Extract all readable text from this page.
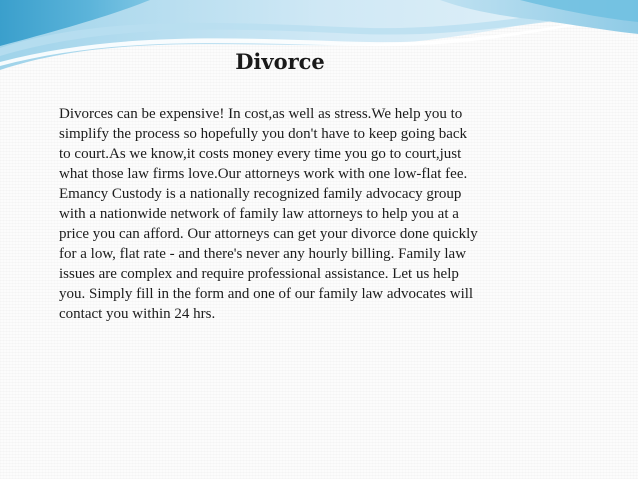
Divorce

Divorces can be expensive! In cost,as well as stress.We help you to
simplify the process so hopefully you don't have to keep going back
to court.As we know,it costs money every time you go to court,just
what those law firms love.Our attorneys work with one low-flat fee.
Emancy Custody is a nationally recognized family advocacy group
with a nationwide network of family law attorneys to help you at a
price you can afford. Our attorneys can get your divorce done quickly
for a low, flat rate - and there's never any hourly billing. Family law
issues are complex and require professional assistance. Let us help
you. Simply fill in the form and one of our family law advocates will
contact you within 24 hrs.
